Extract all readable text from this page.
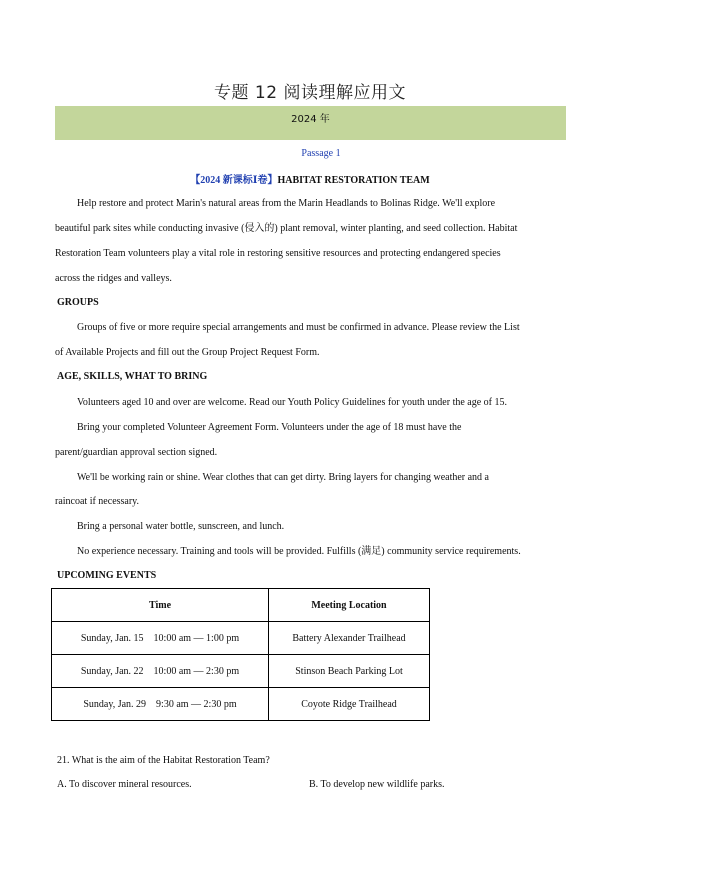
专题 12 阅读理解应用文
2024 年
Passage 1
【2024 新课标Ⅰ卷】HABITAT RESTORATION TEAM

Help restore and protect Marin's natural areas from the Marin Headlands to Bolinas Ridge. We'll explore

beautiful park sites while conducting invasive (侵入的) plant removal, winter planting, and seed collection. Habitat

Restoration Team volunteers play a vital role in restoring sensitive resources and protecting endangered species

across the ridges and valleys.

GROUPS

Groups of five or more require special arrangements and must be confirmed in advance. Please review the List

of Available Projects and fill out the Group Project Request Form.

AGE, SKILLS, WHAT TO BRING

Volunteers aged 10 and over are welcome. Read our Youth Policy Guidelines for youth under the age of 15.

Bring your completed Volunteer Agreement Form. Volunteers under the age of 18 must have the

parent/guardian approval section signed.

We'll be working rain or shine. Wear clothes that can get dirty. Bring layers for changing weather and a

raincoat if necessary.

Bring a personal water bottle, sunscreen, and lunch.

No experience necessary. Training and tools will be provided. Fulfills (满足) community service requirements.

UPCOMING EVENTS

Time	Meeting Location
Sunday, Jan. 15    10:00 am — 1:00 pm	Battery Alexander Trailhead
Sunday, Jan. 22    10:00 am — 2:30 pm	Stinson Beach Parking Lot
Sunday, Jan. 29    9:30 am — 2:30 pm	Coyote Ridge Trailhead

21. What is the aim of the Habitat Restoration Team?

A. To discover mineral resources.	B. To develop new wildlife parks.
